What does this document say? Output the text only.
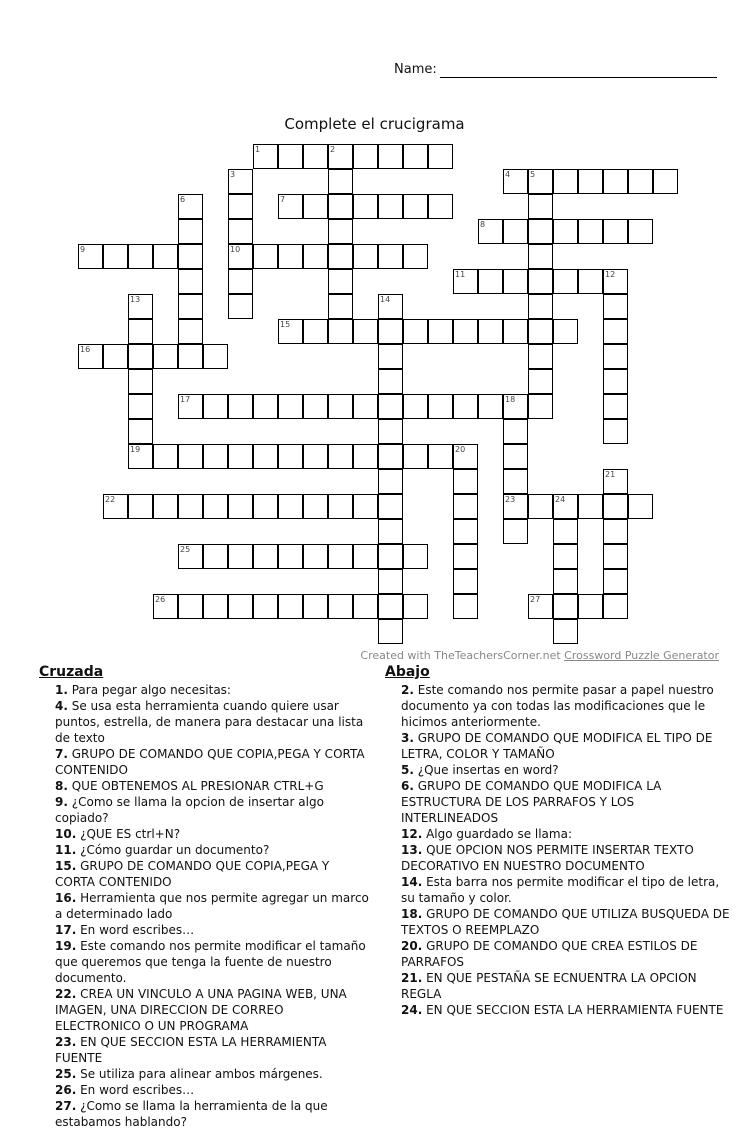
Name:
Complete el crucigrama
1	2
4 5
7
8
9	10
11	12
15
16
17	18
19	20
22	23	24
25
26	27
3
6
13	14
21
Created with TheTeachersCorner.net Crossword Puzzle Generator
Cruzada
1. Para pegar algo necesitas:
4. Se usa esta herramienta cuando quiere usar puntos, estrella, de manera para destacar una lista de texto
7. GRUPO DE COMANDO QUE COPIA,PEGA Y CORTA CONTENIDO
8. QUE OBTENEMOS AL PRESIONAR CTRL+G
9. ¿Como se llama la opcion de insertar algo copiado?
10. ¿QUE ES ctrl+N?
11. ¿Cómo guardar un documento?
15. GRUPO DE COMANDO QUE COPIA,PEGA Y CORTA CONTENIDO
16. Herramienta que nos permite agregar un marco a determinado lado
17. En word escribes…
19. Este comando nos permite modificar el tamaño que queremos que tenga la fuente de nuestro documento.
22. CREA UN VINCULO A UNA PAGINA WEB, UNA IMAGEN, UNA DIRECCION DE CORREO ELECTRONICO O UN PROGRAMA
23. EN QUE SECCION ESTA LA HERRAMIENTA FUENTE
25. Se utiliza para alinear ambos márgenes.
26. En word escribes…
27. ¿Como se llama la herramienta de la que estabamos hablando?
Abajo
2. Este comando nos permite pasar a papel nuestro documento ya con todas las modificaciones que le hicimos anteriormente.
3. GRUPO DE COMANDO QUE MODIFICA EL TIPO DE LETRA, COLOR Y TAMAÑO
5. ¿Que insertas en word?
6. GRUPO DE COMANDO QUE MODIFICA LA ESTRUCTURA DE LOS PARRAFOS Y LOS INTERLINEADOS
12. Algo guardado se llama:
13. QUE OPCION NOS PERMITE INSERTAR TEXTO DECORATIVO EN NUESTRO DOCUMENTO
14. Esta barra nos permite modificar el tipo de letra, su tamaño y color.
18. GRUPO DE COMANDO QUE UTILIZA BUSQUEDA DE TEXTOS O REEMPLAZO
20. GRUPO DE COMANDO QUE CREA ESTILOS DE PARRAFOS
21. EN QUE PESTAÑA SE ECNUENTRA LA OPCION REGLA
24. EN QUE SECCION ESTA LA HERRAMIENTA FUENTE
